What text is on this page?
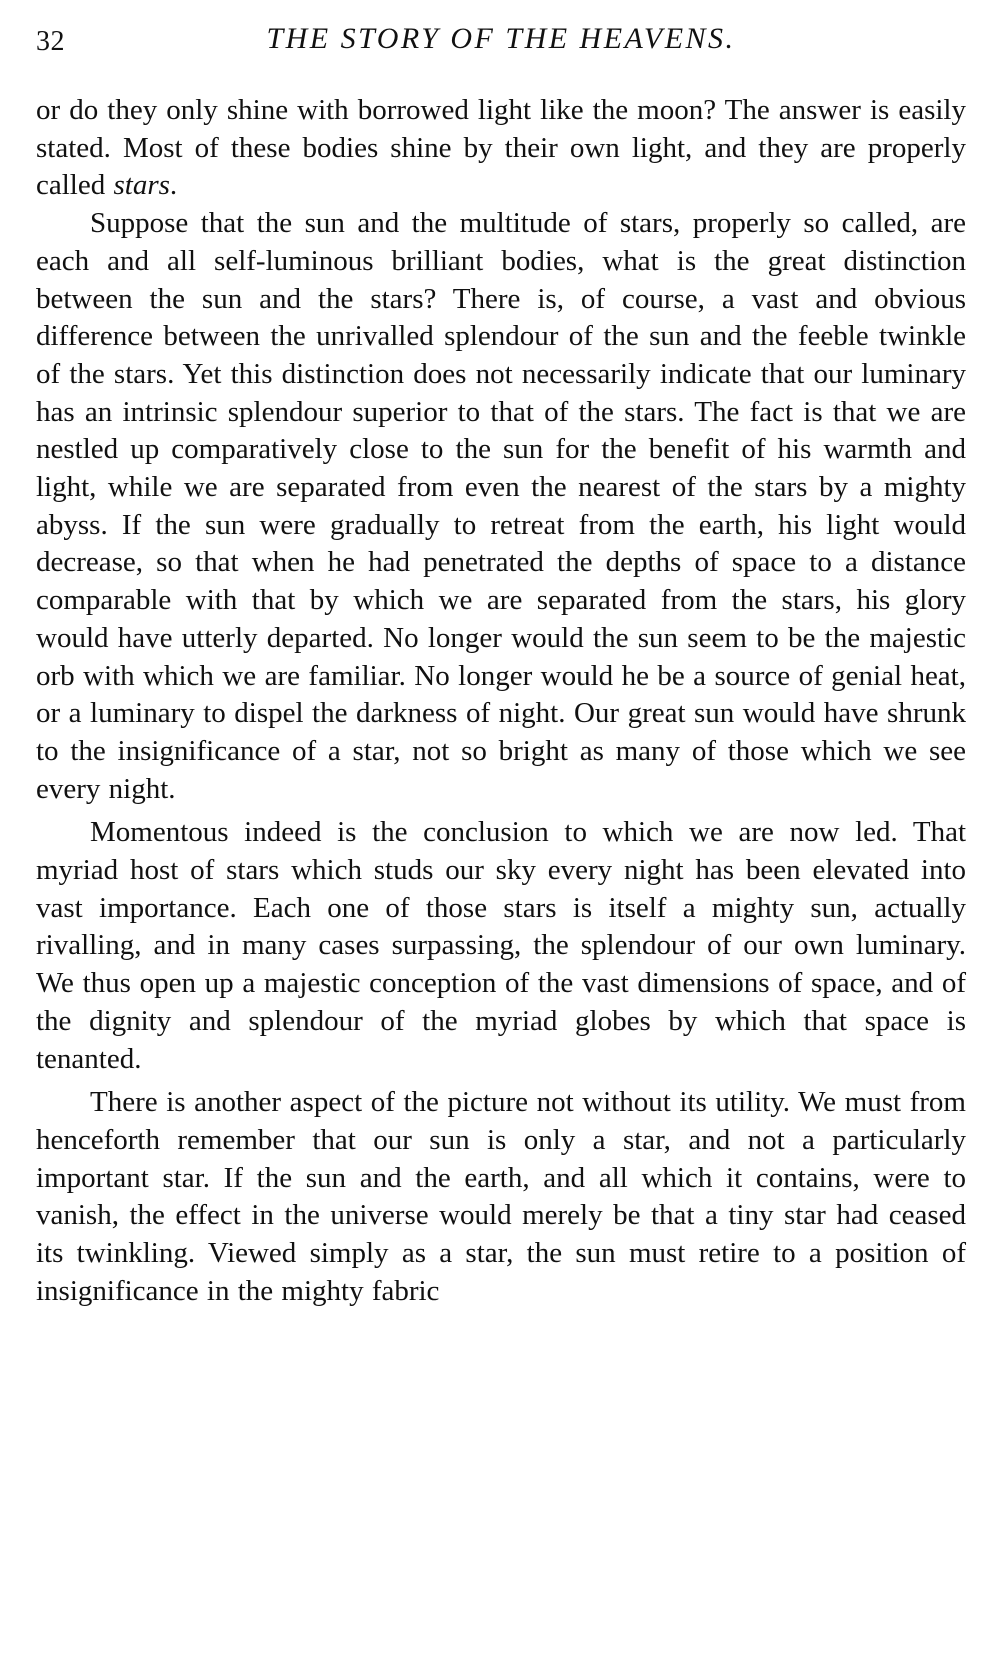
32	THE STORY OF THE HEAVENS.

or do they only shine with borrowed light like the moon? The answer is easily stated. Most of these bodies shine by their own light, and they are properly called stars.

Suppose that the sun and the multitude of stars, properly so called, are each and all self-luminous brilliant bodies, what is the great distinction between the sun and the stars? There is, of course, a vast and obvious difference between the unrivalled splendour of the sun and the feeble twinkle of the stars. Yet this distinction does not necessarily indicate that our luminary has an intrinsic splendour superior to that of the stars. The fact is that we are nestled up comparatively close to the sun for the benefit of his warmth and light, while we are separated from even the nearest of the stars by a mighty abyss. If the sun were gradually to retreat from the earth, his light would decrease, so that when he had penetrated the depths of space to a distance comparable with that by which we are separated from the stars, his glory would have utterly departed. No longer would the sun seem to be the majestic orb with which we are familiar. No longer would he be a source of genial heat, or a luminary to dispel the darkness of night. Our great sun would have shrunk to the insignificance of a star, not so bright as many of those which we see every night.

Momentous indeed is the conclusion to which we are now led. That myriad host of stars which studs our sky every night has been elevated into vast importance. Each one of those stars is itself a mighty sun, actually rivalling, and in many cases surpassing, the splendour of our own luminary. We thus open up a majestic conception of the vast dimensions of space, and of the dignity and splendour of the myriad globes by which that space is tenanted.

There is another aspect of the picture not without its utility. We must from henceforth remember that our sun is only a star, and not a particularly important star. If the sun and the earth, and all which it contains, were to vanish, the effect in the universe would merely be that a tiny star had ceased its twinkling. Viewed simply as a star, the sun must retire to a position of insignificance in the mighty fabric
